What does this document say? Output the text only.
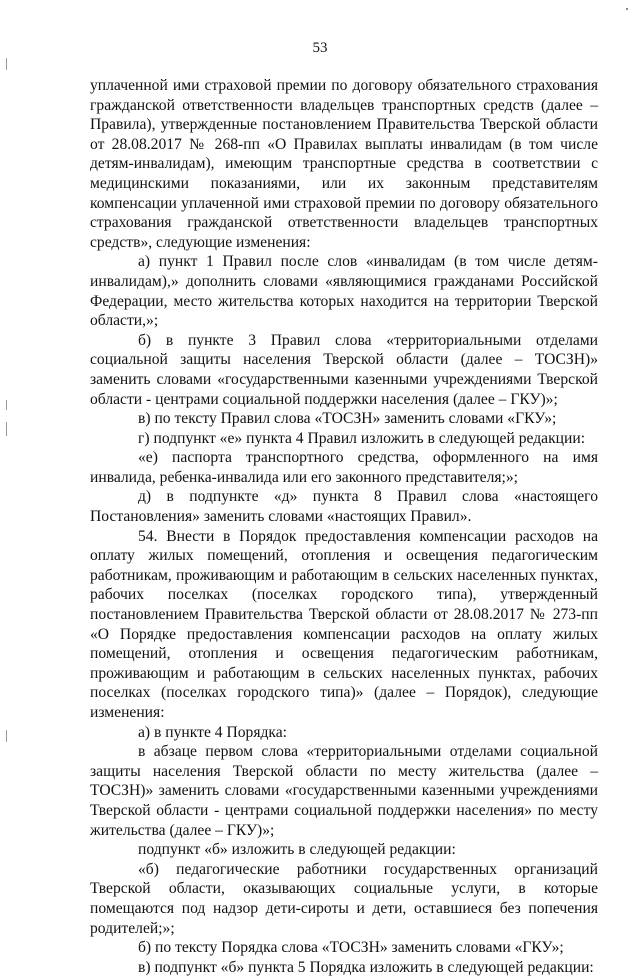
53

уплаченной ими страховой премии по договору обязательного страхования гражданской ответственности владельцев транспортных средств (далее – Правила), утвержденные постановлением Правительства Тверской области от 28.08.2017 № 268-пп «О Правилах выплаты инвалидам (в том числе детям-инвалидам), имеющим транспортные средства в соответствии с медицинскими показаниями, или их законным представителям компенсации уплаченной ими страховой премии по договору обязательного страхования гражданской ответственности владельцев транспортных средств», следующие изменения:

а) пункт 1 Правил после слов «инвалидам (в том числе детям-инвалидам),» дополнить словами «являющимися гражданами Российской Федерации, место жительства которых находится на территории Тверской области,»;

б) в пункте 3 Правил слова «территориальными отделами социальной защиты населения Тверской области (далее – ТОСЗН)» заменить словами «государственными казенными учреждениями Тверской области - центрами социальной поддержки населения (далее – ГКУ)»;

в) по тексту Правил слова «ТОСЗН» заменить словами «ГКУ»;

г) подпункт «е» пункта 4 Правил изложить в следующей редакции:

«е) паспорта транспортного средства, оформленного на имя инвалида, ребенка-инвалида или его законного представителя;»;

д) в подпункте «д» пункта 8 Правил слова «настоящего Постановления» заменить словами «настоящих Правил».

54. Внести в Порядок предоставления компенсации расходов на оплату жилых помещений, отопления и освещения педагогическим работникам, проживающим и работающим в сельских населенных пунктах, рабочих поселках (поселках городского типа), утвержденный постановлением Правительства Тверской области от 28.08.2017 № 273-пп «О Порядке предоставления компенсации расходов на оплату жилых помещений, отопления и освещения педагогическим работникам, проживающим и работающим в сельских населенных пунктах, рабочих поселках (поселках городского типа)» (далее – Порядок), следующие изменения:

а) в пункте 4 Порядка:

в абзаце первом слова «территориальными отделами социальной защиты населения Тверской области по месту жительства (далее – ТОСЗН)» заменить словами «государственными казенными учреждениями Тверской области - центрами социальной поддержки населения» по месту жительства (далее – ГКУ)»;

подпункт «б» изложить в следующей редакции:

«б) педагогические работники государственных организаций Тверской области, оказывающих социальные услуги, в которые помещаются под надзор дети-сироты и дети, оставшиеся без попечения родителей;»;

б) по тексту Порядка слова «ТОСЗН» заменить словами «ГКУ»;

в) подпункт «б» пункта 5 Порядка изложить в следующей редакции:
